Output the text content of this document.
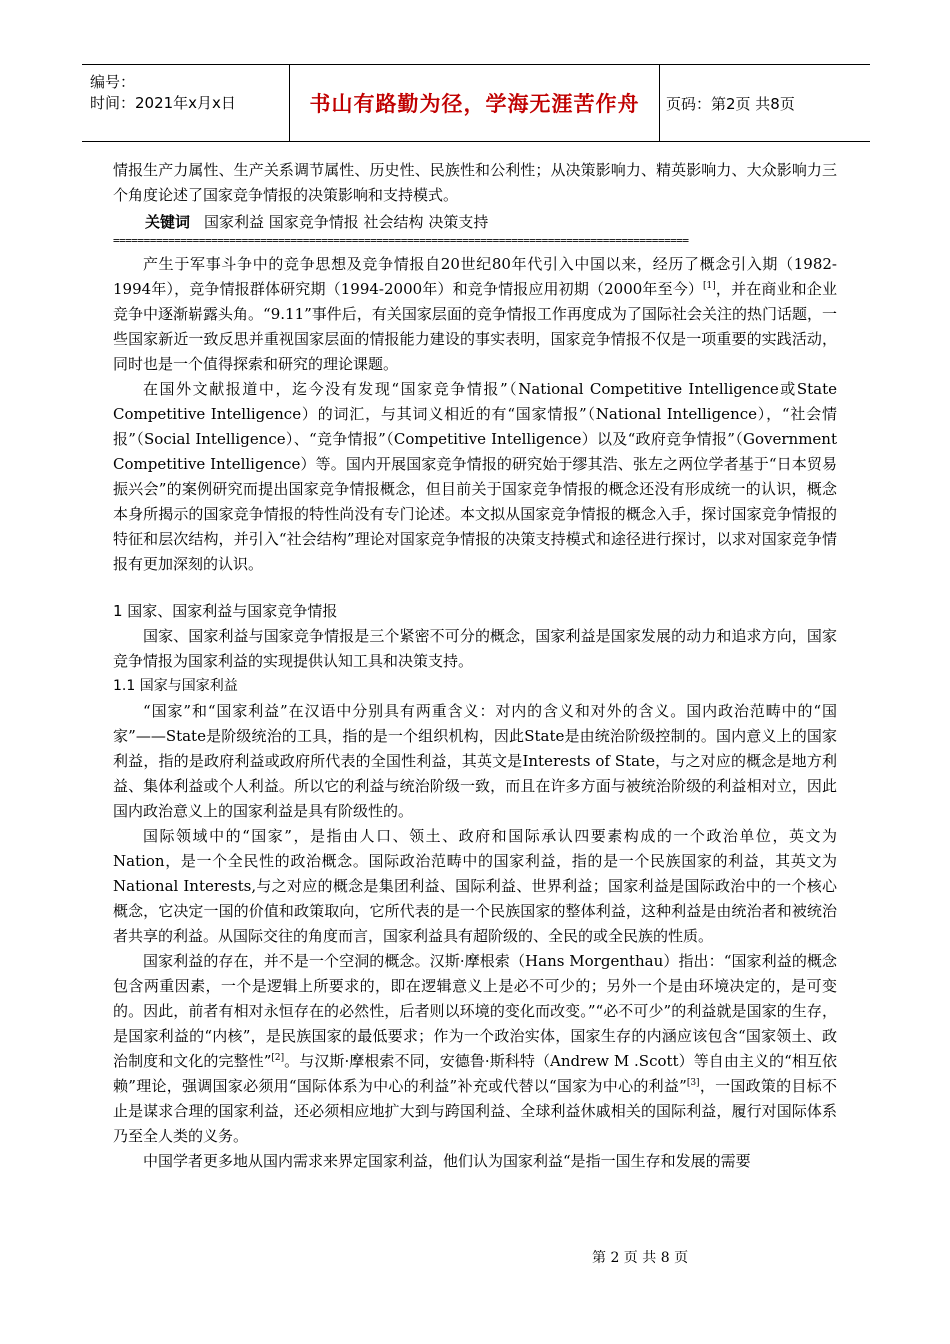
编号：
时间：2021年x月x日	书山有路勤为径，学海无涯苦作舟 页码：第2页 共8页

情报生产力属性、生产关系调节属性、历史性、民族性和公利性；从决策影响力、精英影响力、大众影响力三个角度论述了国家竞争情报的决策影响和支持模式。

关键词 国家利益 国家竞争情报 社会结构 决策支持

==============================================================================================

产生于军事斗争中的竞争思想及竞争情报自20世纪80年代引入中国以来，经历了概念引入期（1982-1994年），竞争情报群体研究期（1994-2000年）和竞争情报应用初期（2000年至今）[1]，并在商业和企业竞争中逐渐崭露头角。“9.11”事件后，有关国家层面的竞争情报工作再度成为了国际社会关注的热门话题，一些国家新近一致反思并重视国家层面的情报能力建设的事实表明，国家竞争情报不仅是一项重要的实践活动，同时也是一个值得探索和研究的理论课题。

在国外文献报道中，迄今没有发现“国家竞争情报”（National Competitive Intelligence或State Competitive Intelligence）的词汇，与其词义相近的有“国家情报”（National Intelligence），“社会情报”（Social Intelligence）、“竞争情报”（Competitive Intelligence）以及“政府竞争情报”（Government Competitive Intelligence）等。国内开展国家竞争情报的研究始于缪其浩、张左之两位学者基于“日本贸易振兴会”的案例研究而提出国家竞争情报概念，但目前关于国家竞争情报的概念还没有形成统一的认识，概念本身所揭示的国家竞争情报的特性尚没有专门论述。本文拟从国家竞争情报的概念入手，探讨国家竞争情报的特征和层次结构，并引入“社会结构”理论对国家竞争情报的决策支持模式和途径进行探讨，以求对国家竞争情报有更加深刻的认识。

1 国家、国家利益与国家竞争情报

国家、国家利益与国家竞争情报是三个紧密不可分的概念，国家利益是国家发展的动力和追求方向，国家竞争情报为国家利益的实现提供认知工具和决策支持。

1.1 国家与国家利益

“国家”和“国家利益”在汉语中分别具有两重含义：对内的含义和对外的含义。国内政治范畴中的“国家”——State是阶级统治的工具，指的是一个组织机构，因此State是由统治阶级控制的。国内意义上的国家利益，指的是政府利益或政府所代表的全国性利益，其英文是Interests of State，与之对应的概念是地方利益、集体利益或个人利益。所以它的利益与统治阶级一致，而且在许多方面与被统治阶级的利益相对立，因此国内政治意义上的国家利益是具有阶级性的。

国际领域中的“国家”，是指由人口、领土、政府和国际承认四要素构成的一个政治单位，英文为Nation，是一个全民性的政治概念。国际政治范畴中的国家利益，指的是一个民族国家的利益，其英文为National Interests,与之对应的概念是集团利益、国际利益、世界利益；国家利益是国际政治中的一个核心概念，它决定一国的价值和政策取向，它所代表的是一个民族国家的整体利益，这种利益是由统治者和被统治者共享的利益。从国际交往的角度而言，国家利益具有超阶级的、全民的或全民族的性质。

国家利益的存在，并不是一个空洞的概念。汉斯·摩根索（Hans Morgenthau）指出：“国家利益的概念包含两重因素，一个是逻辑上所要求的，即在逻辑意义上是必不可少的；另外一个是由环境决定的，是可变的。因此，前者有相对永恒存在的必然性，后者则以环境的变化而改变。”“必不可少”的利益就是国家的生存，是国家利益的“内核”，是民族国家的最低要求；作为一个政治实体，国家生存的内涵应该包含“国家领土、政治制度和文化的完整性”[2]。与汉斯·摩根索不同，安德鲁·斯科特（Andrew M .Scott）等自由主义的“相互依赖”理论，强调国家必须用“国际体系为中心的利益”补充或代替以“国家为中心的利益”[3]，一国政策的目标不止是谋求合理的国家利益，还必须相应地扩大到与跨国利益、全球利益休戚相关的国际利益，履行对国际体系乃至全人类的义务。

中国学者更多地从国内需求来界定国家利益，他们认为国家利益“是指一国生存和发展的需要

第 2 页 共 8 页
